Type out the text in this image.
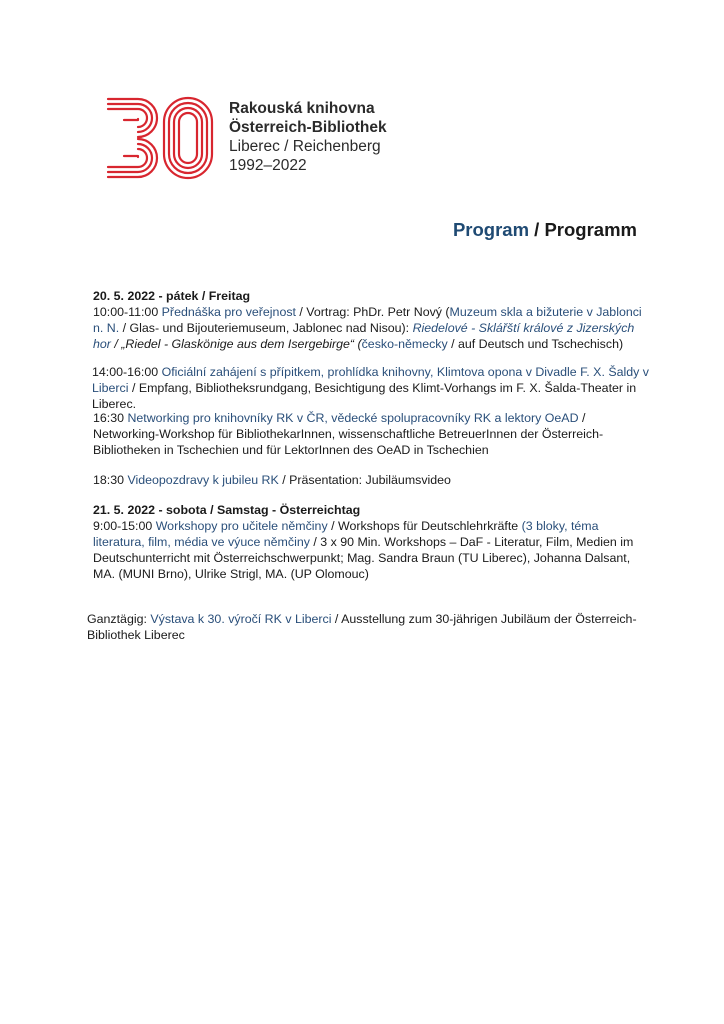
Rakouská knihovna
Österreich-Bibliothek
Liberec / Reichenberg
1992–2022
Program / Programm
20. 5. 2022 - pátek / Freitag
10:00-11:00 Přednáška pro veřejnost / Vortrag: PhDr. Petr Nový (Muzeum skla a bižuterie v Jablonci n. N. / Glas- und Bijouteriemuseum, Jablonec nad Nisou): Riedelové - Sklářští králové z Jizerských hor / „Riedel - Glaskönige aus dem Isergebirge“ (česko-německy / auf Deutsch und Tschechisch)
14:00-16:00 Oficiální zahájení s přípitkem, prohlídka knihovny, Klimtova opona v Divadle F. X. Šaldy v Liberci / Empfang, Bibliotheksrundgang, Besichtigung des Klimt-Vorhangs im F. X. Šalda-Theater in Liberec.
16:30 Networking pro knihovníky RK v ČR, vědecké spolupracovníky RK a lektory OeAD / Networking-Workshop für BibliothekarInnen, wissenschaftliche BetreuerInnen der Österreich-Bibliotheken in Tschechien und für LektorInnen des OeAD in Tschechien
18:30 Videopozdravy k jubileu RK / Präsentation: Jubiläumsvideo
21. 5. 2022 - sobota / Samstag - Österreichtag
9:00-15:00 Workshopy pro učitele němčiny / Workshops für Deutschlehrkräfte (3 bloky, téma literatura, film, média ve výuce němčiny / 3 x 90 Min. Workshops – DaF - Literatur, Film, Medien im Deutschunterricht mit Österreichschwerpunkt; Mag. Sandra Braun (TU Liberec), Johanna Dalsant, MA. (MUNI Brno), Ulrike Strigl, MA. (UP Olomouc)
Ganztägig: Výstava k 30. výročí RK v Liberci / Ausstellung zum 30-jährigen Jubiläum der Österreich-Bibliothek Liberec
